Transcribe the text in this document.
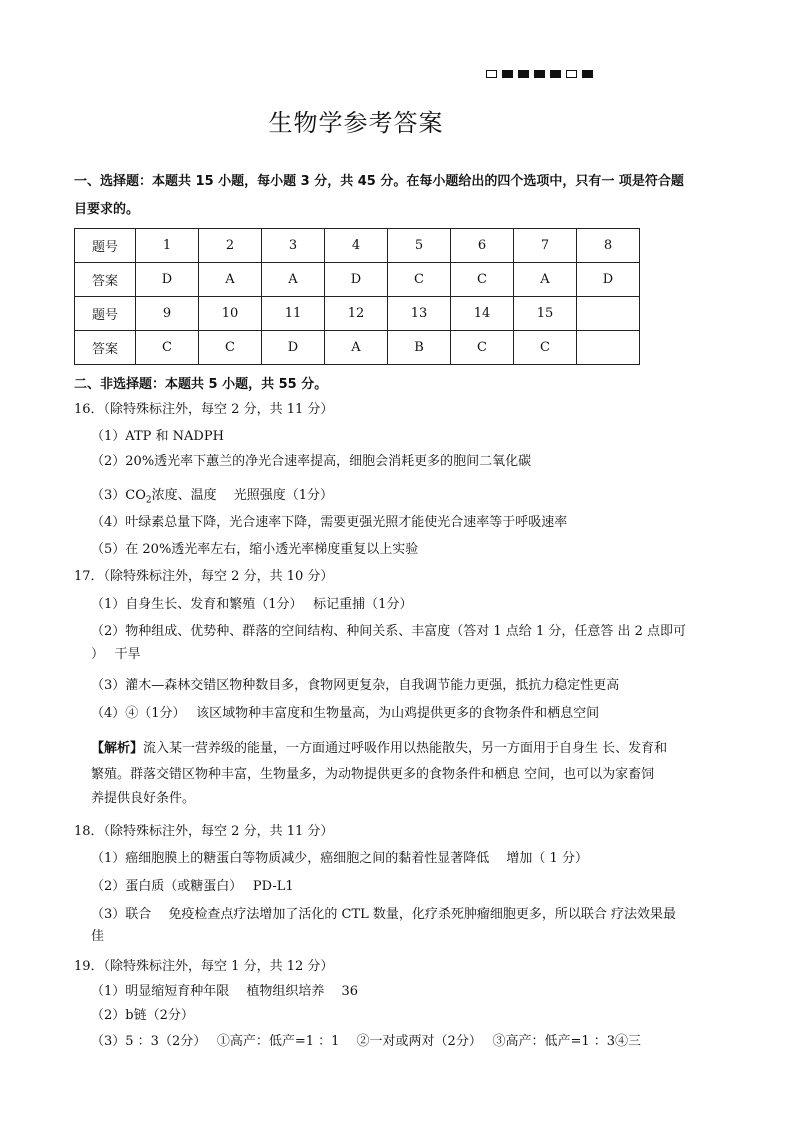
生物学参考答案
一、选择题：本题共 15 小题，每小题 3 分，共 45 分。在每小题给出的四个选项中，只有一 项是符合题
目要求的。
题号	1	2	3	4	5	6	7	8
答案	D	A	A	D	C	C	A	D
题号	9	10	11	12	13	14	15	
答案	C	C	D	A	B	C	C	
二、非选择题：本题共 5 小题，共 55 分。
16．（除特殊标注外，每空 2 分，共 11 分）
（1）ATP 和 NADPH
（2）20%透光率下蕙兰的净光合速率提高，细胞会消耗更多的胞间二氧化碳
$(3)CO_2$浓度、温度　 光照强度（1分）
（4）叶绿素总量下降，光合速率下降，需要更强光照才能使光合速率等于呼吸速率
（5）在 20%透光率左右，缩小透光率梯度重复以上实验
17．（除特殊标注外，每空 2 分，共 10 分）
（1）自身生长、发育和繁殖（1分）　 标记重捕（1分）
（2）物种组成、优势种、群落的空间结构、种间关系、丰富度（答对 1 点给 1 分，任意答 出 2 点即可
）　 干旱
（3）灌木—森林交错区物种数目多，食物网更复杂，自我调节能力更强，抵抗力稳定性更高
（4）④（1分）　 该区域物种丰富度和生物量高，为山鸡提供更多的食物条件和栖息空间
【解析】流入某一营养级的能量，一方面通过呼吸作用以热能散失，另一方面用于自身生 长、发育和
繁殖。群落交错区物种丰富，生物量多，为动物提供更多的食物条件和栖息 空间，也可以为家畜饲
养提供良好条件。
18．（除特殊标注外，每空 2 分，共 11 分）
（1）癌细胞膜上的糖蛋白等物质减少，癌细胞之间的黏着性显著降低　 增加（ 1 分）
（2）蛋白质（或糖蛋白）　 PD-L1
（3）联合　 免疫检查点疗法增加了活化的 CTL 数量，化疗杀死肿瘤细胞更多，所以联合 疗法效果最
佳
19．（除特殊标注外，每空 1 分，共 12 分）
（1）明显缩短育种年限　 植物组织培养　 36
（2）b链（2分）
（3）5 ：3（2分）　 ①高产：低产=1 ：1　 ②一对或两对（2分）　 ③高产：低产=1 ：3④三
